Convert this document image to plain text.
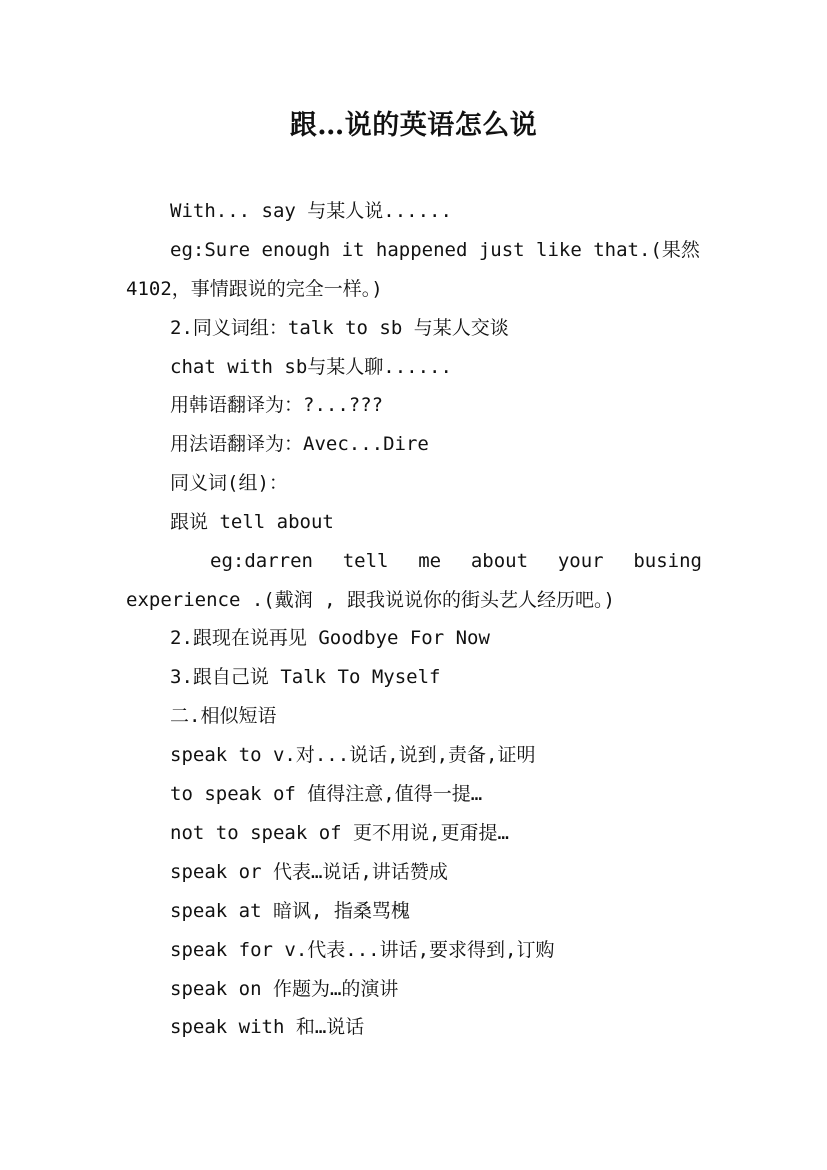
跟…说的英语怎么说
With... say 与某人说......
eg:Sure enough it happened just like that.(果然
4102，事情跟说的完全一样。)
2.同义词组：talk to sb 与某人交谈
chat with sb与某人聊......
用韩语翻译为：?...???
用法语翻译为：Avec...Dire
同义词(组)：
跟说 tell about
eg:darren tell me about your busing
experience .(戴润 , 跟我说说你的街头艺人经历吧。)
2.跟现在说再见 Goodbye For Now
3.跟自己说 Talk To Myself
二.相似短语
speak to v.对...说话,说到,责备,证明
to speak of 值得注意,值得一提…
not to speak of 更不用说,更甭提…
speak or 代表…说话,讲话赞成
speak at 暗讽, 指桑骂槐
speak for v.代表...讲话,要求得到,订购
speak on 作题为…的演讲
speak with 和…说话
